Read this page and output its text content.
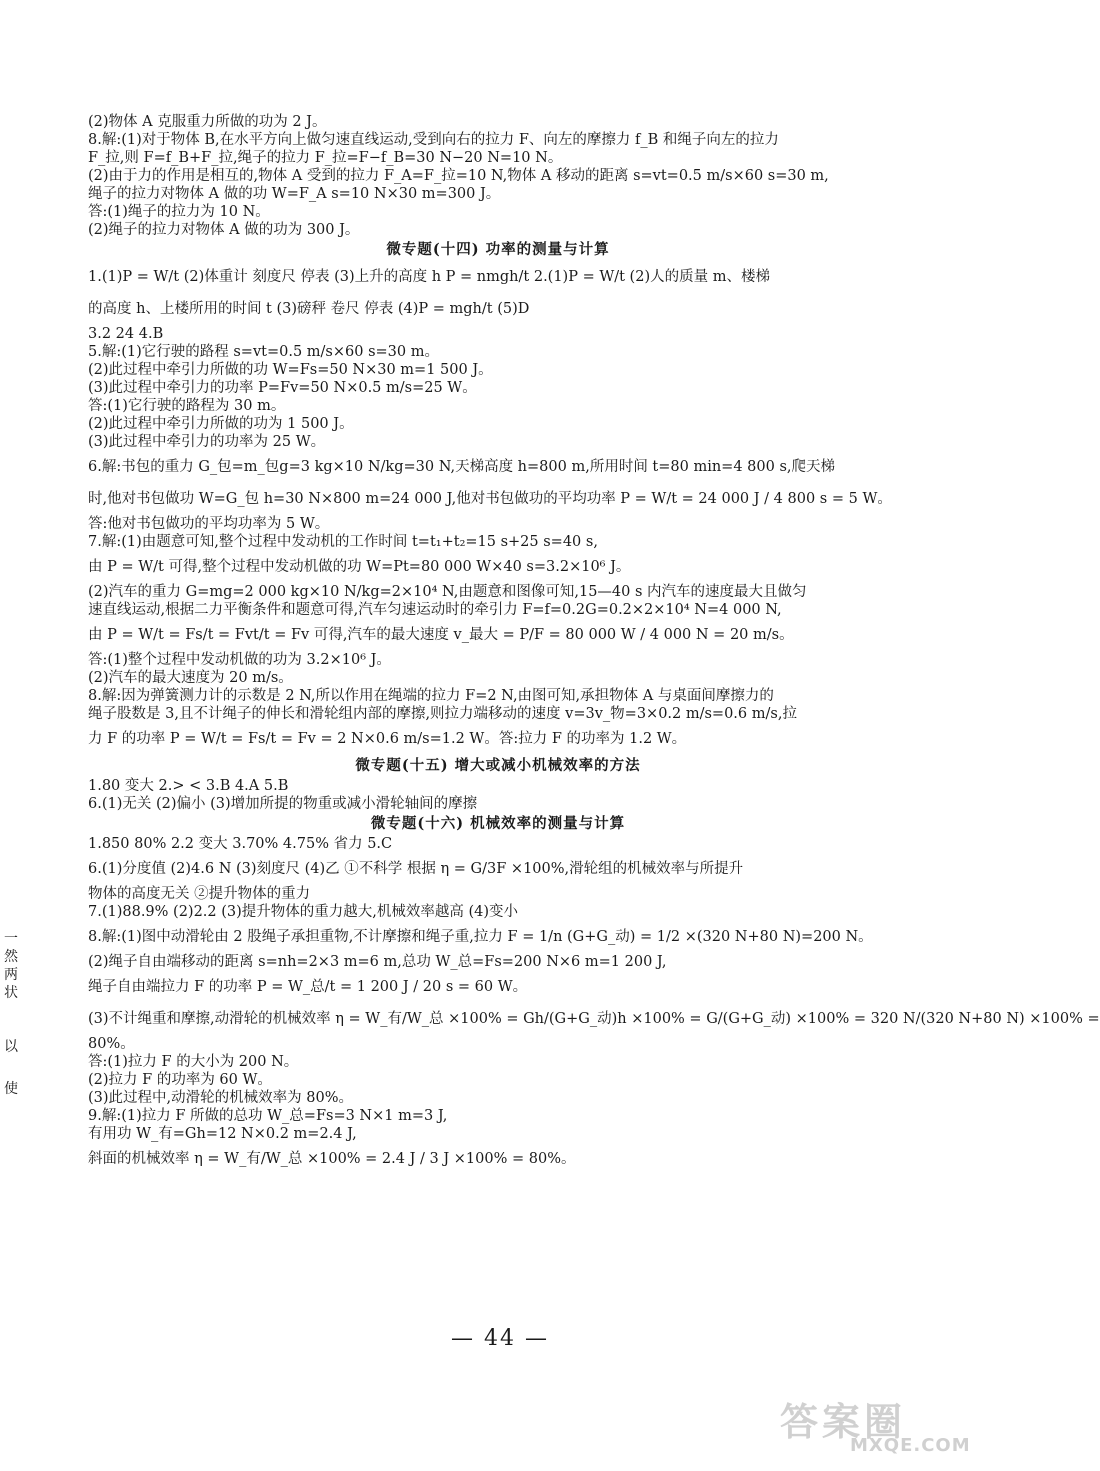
(2)物体 A 克服重力所做的功为 2 J。
8.解:(1)对于物体 B,在水平方向上做匀速直线运动,受到向右的拉力 F、向左的摩擦力 f_B 和绳子向左的拉力
F_拉,则 F=f_B+F_拉,绳子的拉力 F_拉=F−f_B=30 N−20 N=10 N。
(2)由于力的作用是相互的,物体 A 受到的拉力 F_A=F_拉=10 N,物体 A 移动的距离 s=vt=0.5 m/s×60 s=30 m,
绳子的拉力对物体 A 做的功 W=F_A s=10 N×30 m=300 J。
答:(1)绳子的拉力为 10 N。
(2)绳子的拉力对物体 A 做的功为 300 J。
微专题(十四) 功率的测量与计算
1.(1)P = W/t (2)体重计 刻度尺 停表 (3)上升的高度 h P = nmgh/t 2.(1)P = W/t (2)人的质量 m、楼梯
的高度 h、上楼所用的时间 t (3)磅秤 卷尺 停表 (4)P = mgh/t (5)D
3.2 24 4.B
5.解:(1)它行驶的路程 s=vt=0.5 m/s×60 s=30 m。
(2)此过程中牵引力所做的功 W=Fs=50 N×30 m=1 500 J。
(3)此过程中牵引力的功率 P=Fv=50 N×0.5 m/s=25 W。
答:(1)它行驶的路程为 30 m。
(2)此过程中牵引力所做的功为 1 500 J。
(3)此过程中牵引力的功率为 25 W。
6.解:书包的重力 G_包=m_包g=3 kg×10 N/kg=30 N,天梯高度 h=800 m,所用时间 t=80 min=4 800 s,爬天梯
时,他对书包做功 W=G_包 h=30 N×800 m=24 000 J,他对书包做功的平均功率 P = W/t = 24 000 J / 4 800 s = 5 W。
答:他对书包做功的平均功率为 5 W。
7.解:(1)由题意可知,整个过程中发动机的工作时间 t=t₁+t₂=15 s+25 s=40 s,
由 P = W/t 可得,整个过程中发动机做的功 W=Pt=80 000 W×40 s=3.2×10⁶ J。
(2)汽车的重力 G=mg=2 000 kg×10 N/kg=2×10⁴ N,由题意和图像可知,15—40 s 内汽车的速度最大且做匀
速直线运动,根据二力平衡条件和题意可得,汽车匀速运动时的牵引力 F=f=0.2G=0.2×2×10⁴ N=4 000 N,
由 P = W/t = Fs/t = Fvt/t = Fv 可得,汽车的最大速度 v_最大 = P/F = 80 000 W / 4 000 N = 20 m/s。
答:(1)整个过程中发动机做的功为 3.2×10⁶ J。
(2)汽车的最大速度为 20 m/s。
8.解:因为弹簧测力计的示数是 2 N,所以作用在绳端的拉力 F=2 N,由图可知,承担物体 A 与桌面间摩擦力的
绳子股数是 3,且不计绳子的伸长和滑轮组内部的摩擦,则拉力端移动的速度 v=3v_物=3×0.2 m/s=0.6 m/s,拉
力 F 的功率 P = W/t = Fs/t = Fv = 2 N×0.6 m/s=1.2 W。答:拉力 F 的功率为 1.2 W。
微专题(十五) 增大或减小机械效率的方法
1.80 变大 2.> < 3.B 4.A 5.B
6.(1)无关 (2)偏小 (3)增加所提的物重或减小滑轮轴间的摩擦
微专题(十六) 机械效率的测量与计算
1.850 80% 2.2 变大 3.70% 4.75% 省力 5.C
6.(1)分度值 (2)4.6 N (3)刻度尺 (4)乙 ①不科学 根据 η = G/3F ×100%,滑轮组的机械效率与所提升
物体的高度无关 ②提升物体的重力
7.(1)88.9% (2)2.2 (3)提升物体的重力越大,机械效率越高 (4)变小
8.解:(1)图中动滑轮由 2 股绳子承担重物,不计摩擦和绳子重,拉力 F = 1/n (G+G_动) = 1/2 ×(320 N+80 N)=200 N。
(2)绳子自由端移动的距离 s=nh=2×3 m=6 m,总功 W_总=Fs=200 N×6 m=1 200 J,
绳子自由端拉力 F 的功率 P = W_总/t = 1 200 J / 20 s = 60 W。
(3)不计绳重和摩擦,动滑轮的机械效率 η = W_有/W_总 ×100% = Gh/(G+G_动)h ×100% = G/(G+G_动) ×100% = 320 N/(320 N+80 N) ×100% =
80%。
答:(1)拉力 F 的大小为 200 N。
(2)拉力 F 的功率为 60 W。
(3)此过程中,动滑轮的机械效率为 80%。
9.解:(1)拉力 F 所做的总功 W_总=Fs=3 N×1 m=3 J,
有用功 W_有=Gh=12 N×0.2 m=2.4 J,
斜面的机械效率 η = W_有/W_总 ×100% = 2.4 J / 3 J ×100% = 80%。
一
然
两
状
以
使
— 44 —
答案圈
MXQE.COM
